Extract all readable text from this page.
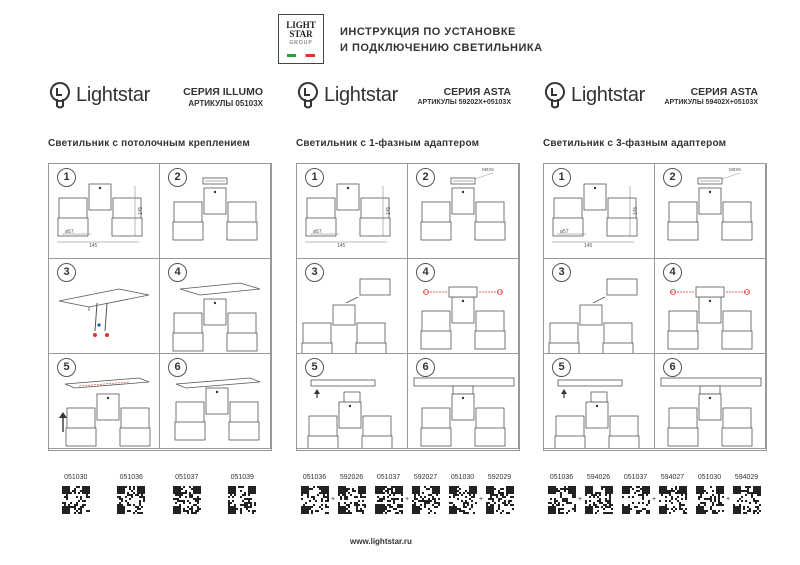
LIGHT
STAR
GROUP
ИНСТРУКЦИЯ ПО УСТАНОВКЕ
И ПОДКЛЮЧЕНИЮ СВЕТИЛЬНИКА
Lightstar	СЕРИЯ ILLUMO
АРТИКУЛЫ 05103X
Светильник с потолочным креплением
1
145
ø57
145
2
3	4
5	6
051030	051036	051037	051039
Lightstar	СЕРИЯ ASTA
АРТИКУЛЫ 59202X+05103X
Светильник с 1-фазным адаптером
1
145
ø57
145
2
M0X6
3	4
5	6
051036	592026
+
051037	592027
+
051030	592029
+
Lightstar	СЕРИЯ ASTA
АРТИКУЛЫ 59402X+05103X
Светильник с 3-фазным адаптером
1
145
ø57
145
2
M0X6
3	4
5	6
051036	594026
+
051037	594027
+
051030	594029
+
www.lightstar.ru
